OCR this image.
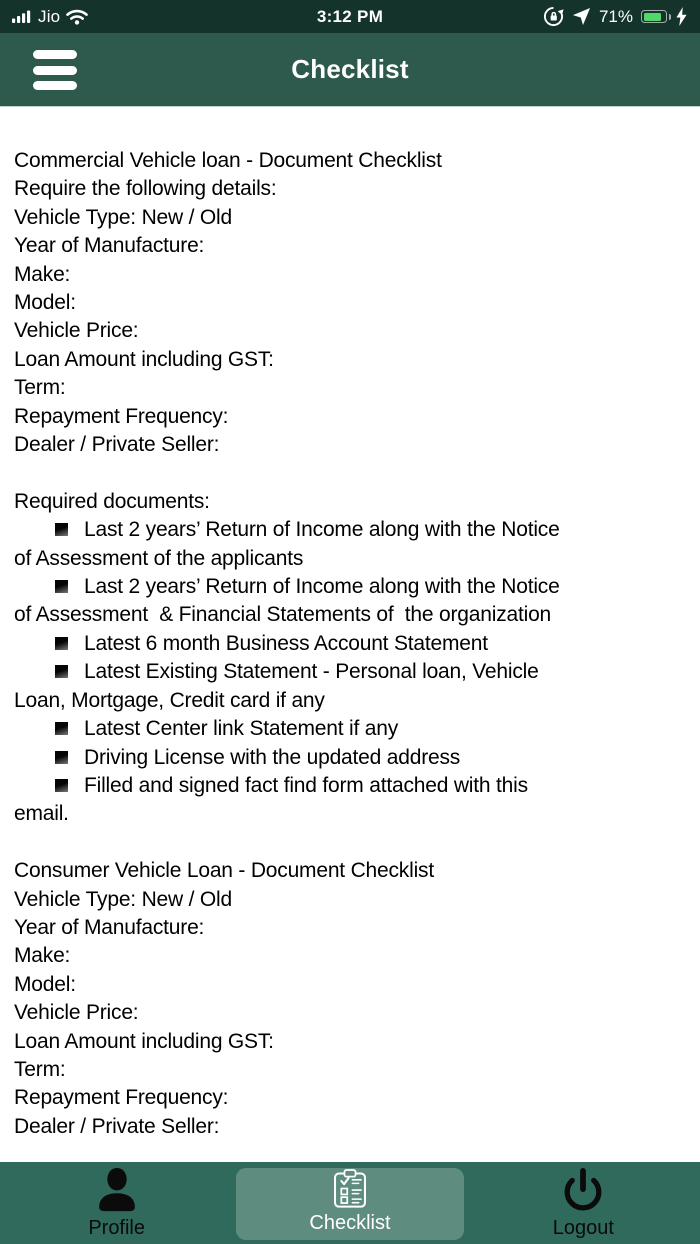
Jio	3:12 PM	71%
Checklist

Commercial Vehicle loan - Document Checklist

Require the following details:

Vehicle Type: New / Old

Year of Manufacture:

Make:

Model:

Vehicle Price:

Loan Amount including GST:

Term:

Repayment Frequency:

Dealer / Private Seller:

Required documents:

Last 2 years’ Return of Income along with the Notice

of Assessment of the applicants

Last 2 years’ Return of Income along with the Notice

of Assessment  & Financial Statements of  the organization

Latest 6 month Business Account Statement

Latest Existing Statement - Personal loan, Vehicle

Loan, Mortgage, Credit card if any

Latest Center link Statement if any

Driving License with the updated address

Filled and signed fact find form attached with this

email.

Consumer Vehicle Loan - Document Checklist

Vehicle Type: New / Old

Year of Manufacture:

Make:

Model:

Vehicle Price:

Loan Amount including GST:

Term:

Repayment Frequency:

Dealer / Private Seller:

Profile	Checklist	Logout
